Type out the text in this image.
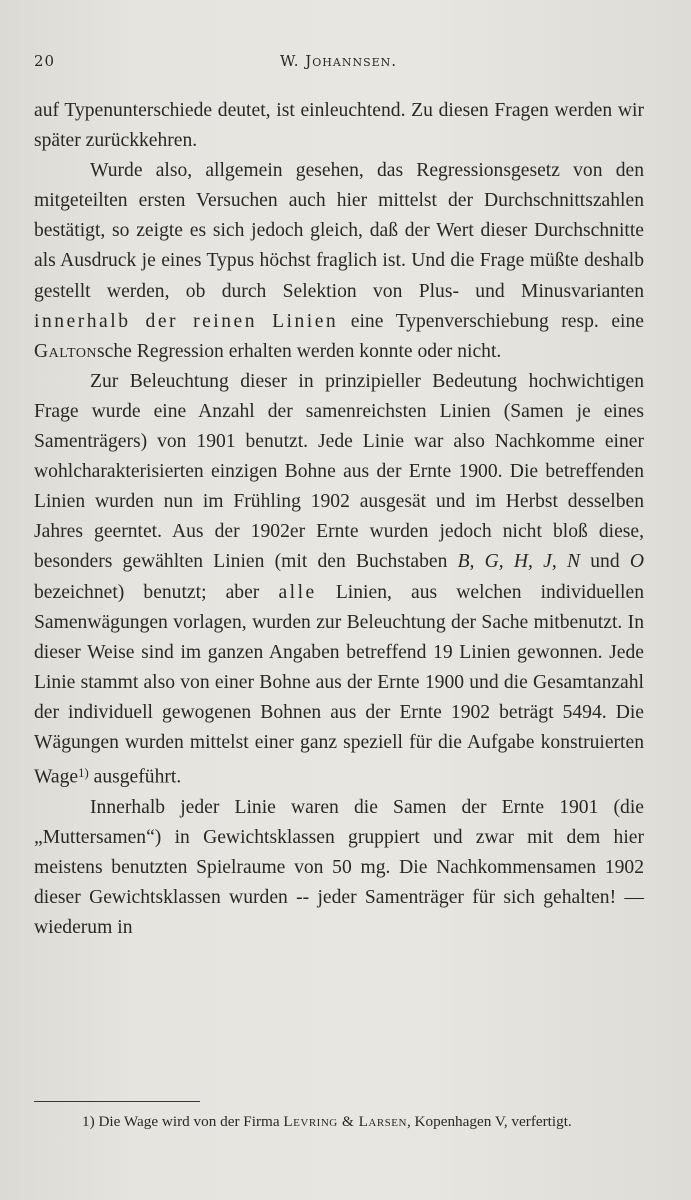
20	W. Johannsen.

auf Typenunterschiede deutet, ist einleuchtend. Zu diesen Fragen werden wir später zurückkehren.

Wurde also, allgemein gesehen, das Regressionsgesetz von den mitgeteilten ersten Versuchen auch hier mittelst der Durchschnittszahlen bestätigt, so zeigte es sich jedoch gleich, daß der Wert dieser Durchschnitte als Ausdruck je eines Typus höchst fraglich ist. Und die Frage müßte deshalb gestellt werden, ob durch Selektion von Plus- und Minusvarianten innerhalb der reinen Linien eine Typenverschiebung resp. eine Galtonsche Regression erhalten werden konnte oder nicht.

Zur Beleuchtung dieser in prinzipieller Bedeutung hochwichtigen Frage wurde eine Anzahl der samenreichsten Linien (Samen je eines Samenträgers) von 1901 benutzt. Jede Linie war also Nachkomme einer wohlcharakterisierten einzigen Bohne aus der Ernte 1900. Die betreffenden Linien wurden nun im Frühling 1902 ausgesät und im Herbst desselben Jahres geerntet. Aus der 1902er Ernte wurden jedoch nicht bloß diese, besonders gewählten Linien (mit den Buchstaben B, G, H, J, N und O bezeichnet) benutzt; aber alle Linien, aus welchen individuellen Samenwägungen vorlagen, wurden zur Beleuchtung der Sache mitbenutzt. In dieser Weise sind im ganzen Angaben betreffend 19 Linien gewonnen. Jede Linie stammt also von einer Bohne aus der Ernte 1900 und die Gesamtanzahl der individuell gewogenen Bohnen aus der Ernte 1902 beträgt 5494. Die Wägungen wurden mittelst einer ganz speziell für die Aufgabe konstruierten Wage$^{1)}$ ausgeführt.

Innerhalb jeder Linie waren die Samen der Ernte 1901 (die „Muttersamen“) in Gewichtsklassen gruppiert und zwar mit dem hier meistens benutzten Spielraume von 50 mg. Die Nachkommensamen 1902 dieser Gewichtsklassen wurden -- jeder Samenträger für sich gehalten! — wiederum in

1) Die Wage wird von der Firma Levring & Larsen, Kopenhagen V, verfertigt.
